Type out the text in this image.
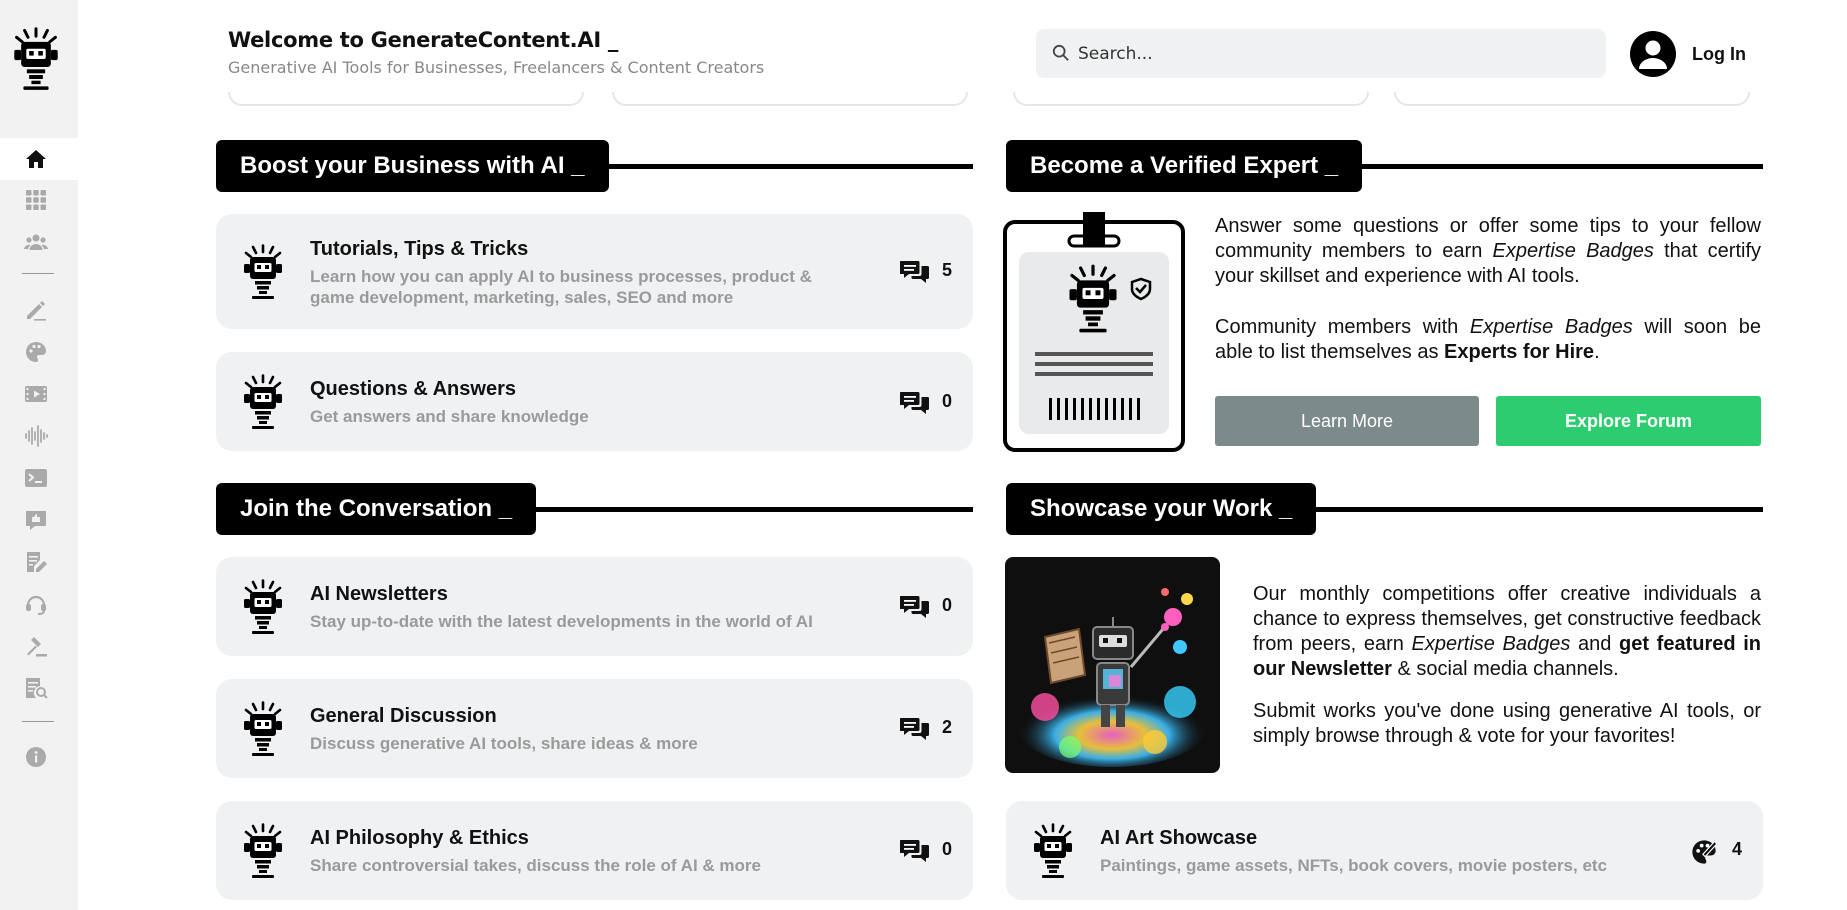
Welcome to GenerateContent.AI _
Generative AI Tools for Businesses, Freelancers & Content Creators
Search...
Log In
Boost your Business with AI _
Tutorials, Tips & Tricks
Learn how you can apply AI to business processes, product & game development, marketing, sales, SEO and more
5
Questions & Answers
Get answers and share knowledge
0
Become a Verified Expert _
Answer some questions or offer some tips to your fellow community members to earn Expertise Badges that certify your skillset and experience with AI tools.
Community members with Expertise Badges will soon be able to list themselves as Experts for Hire.
Learn More	Explore Forum
Join the Conversation _
AI Newsletters
Stay up-to-date with the latest developments in the world of AI
0
General Discussion
Discuss generative AI tools, share ideas & more
2
AI Philosophy & Ethics
Share controversial takes, discuss the role of AI & more
0
Showcase your Work _
Our monthly competitions offer creative individuals a chance to express themselves, get constructive feedback from peers, earn Expertise Badges and get featured in our Newsletter & social media channels.
Submit works you've done using generative AI tools, or simply browse through & vote for your favorites!
AI Art Showcase
Paintings, game assets, NFTs, book covers, movie posters, etc
4
